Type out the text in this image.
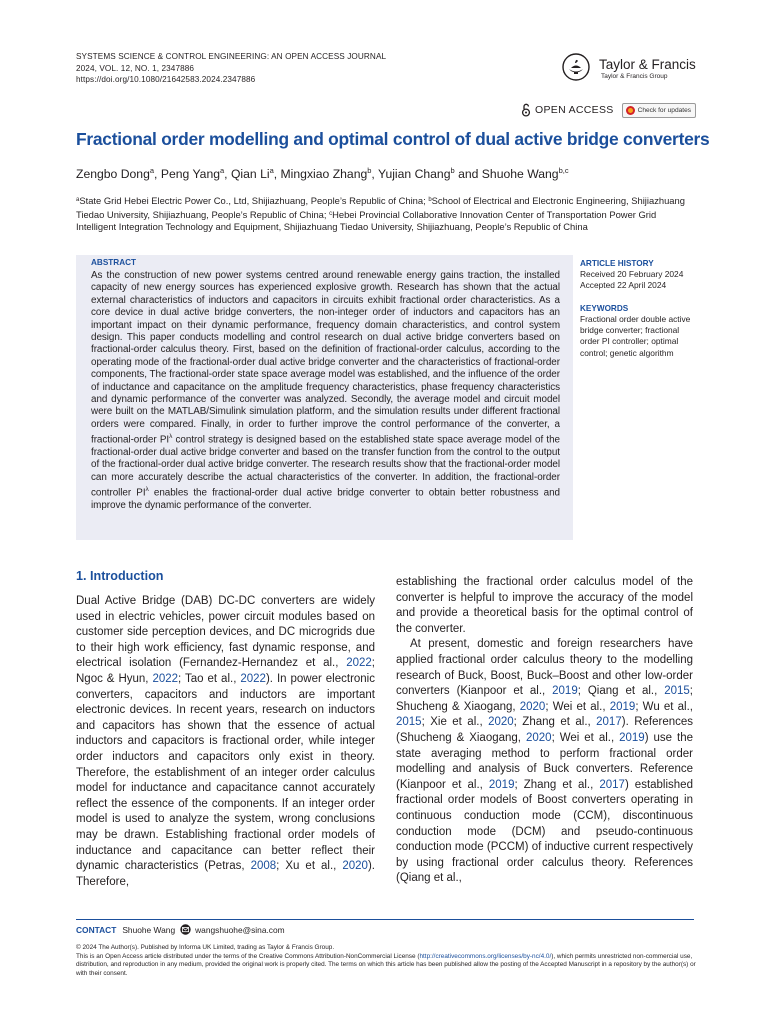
SYSTEMS SCIENCE & CONTROL ENGINEERING: AN OPEN ACCESS JOURNAL
2024, VOL. 12, NO. 1, 2347886
https://doi.org/10.1080/21642583.2024.2347886
Taylor & Francis
Taylor & Francis Group
OPEN ACCESS	Check for updates
Fractional order modelling and optimal control of dual active bridge converters
Zengbo Dong$^a$, Peng Yang$^a$, Qian Li$^a$, Mingxiao Zhang$^b$, Yujian Chang$^b$ and Shuohe Wang$^{b,c}$
$^a$State Grid Hebei Electric Power Co., Ltd, Shijiazhuang, People’s Republic of China; $^b$School of Electrical and Electronic Engineering, Shijiazhuang Tiedao University, Shijiazhuang, People’s Republic of China; $^c$Hebei Provincial Collaborative Innovation Center of Transportation Power Grid Intelligent Integration Technology and Equipment, Shijiazhuang Tiedao University, Shijiazhuang, People’s Republic of China
ABSTRACT
As the construction of new power systems centred around renewable energy gains traction, the installed capacity of new energy sources has experienced explosive growth. Research has shown that the actual external characteristics of inductors and capacitors in circuits exhibit fractional order characteristics. As a core device in dual active bridge converters, the non-integer order of inductors and capacitors has an important impact on their dynamic performance, frequency domain characteristics, and control system design. This paper conducts modelling and control research on dual active bridge converters based on fractional-order calculus theory. First, based on the definition of fractional-order calculus, according to the operating mode of the fractional-order dual active bridge converter and the characteristics of fractional-order components, The fractional-order state space average model was established, and the influence of the order of inductance and capacitance on the amplitude frequency characteristics, phase frequency characteristics and dynamic performance of the converter was analyzed. Secondly, the average model and circuit model were built on the MATLAB/Simulink simulation platform, and the simulation results under different fractional orders were compared. Finally, in order to further improve the control performance of the converter, a fractional-order $PI^\lambda$ control strategy is designed based on the established state space average model of the fractional-order dual active bridge converter and based on the transfer function from the control to the output of the fractional-order dual active bridge converter. The research results show that the fractional-order model can more accurately describe the actual characteristics of the converter. In addition, the fractional-order controller $PI^\lambda$ enables the fractional-order dual active bridge converter to obtain better robustness and improve the dynamic performance of the converter.
ARTICLE HISTORY
Received 20 February 2024
Accepted 22 April 2024
KEYWORDS
Fractional order double active bridge converter; fractional order PI controller; optimal control; genetic algorithm
1. Introduction
Dual Active Bridge (DAB) DC-DC converters are widely used in electric vehicles, power circuit modules based on customer side perception devices, and DC microgrids due to their high work efficiency, fast dynamic response, and electrical isolation (Fernandez-Hernandez et al., 2022; Ngoc & Hyun, 2022; Tao et al., 2022). In power electronic converters, capacitors and inductors are important electronic devices. In recent years, research on inductors and capacitors has shown that the essence of actual inductors and capacitors is fractional order, while integer order inductors and capacitors only exist in theory. Therefore, the establishment of an integer order calculus model for inductance and capacitance cannot accurately reflect the essence of the components. If an integer order model is used to analyze the system, wrong conclusions may be drawn. Establishing fractional order models of inductance and capacitance can better reflect their dynamic characteristics (Petras, 2008; Xu et al., 2020). Therefore,
establishing the fractional order calculus model of the converter is helpful to improve the accuracy of the model and provide a theoretical basis for the optimal control of the converter.
At present, domestic and foreign researchers have applied fractional order calculus theory to the modelling research of Buck, Boost, Buck–Boost and other low-order converters (Kianpoor et al., 2019; Qiang et al., 2015; Shucheng & Xiaogang, 2020; Wei et al., 2019; Wu et al., 2015; Xie et al., 2020; Zhang et al., 2017). References (Shucheng & Xiaogang, 2020; Wei et al., 2019) use the state averaging method to perform fractional order modelling and analysis of Buck converters. Reference (Kianpoor et al., 2019; Zhang et al., 2017) established fractional order models of Boost converters operating in continuous conduction mode (CCM), discontinuous conduction mode (DCM) and pseudo-continuous conduction mode (PCCM) of inductive current respectively by using fractional order calculus theory. References (Qiang et al.,
CONTACT Shuohe Wang wangshuohe@sina.com
© 2024 The Author(s). Published by Informa UK Limited, trading as Taylor & Francis Group.
This is an Open Access article distributed under the terms of the Creative Commons Attribution-NonCommercial License (http://creativecommons.org/licenses/by-nc/4.0/), which permits unrestricted non-commercial use, distribution, and reproduction in any medium, provided the original work is properly cited. The terms on which this article has been published allow the posting of the Accepted Manuscript in a repository by the author(s) or with their consent.
